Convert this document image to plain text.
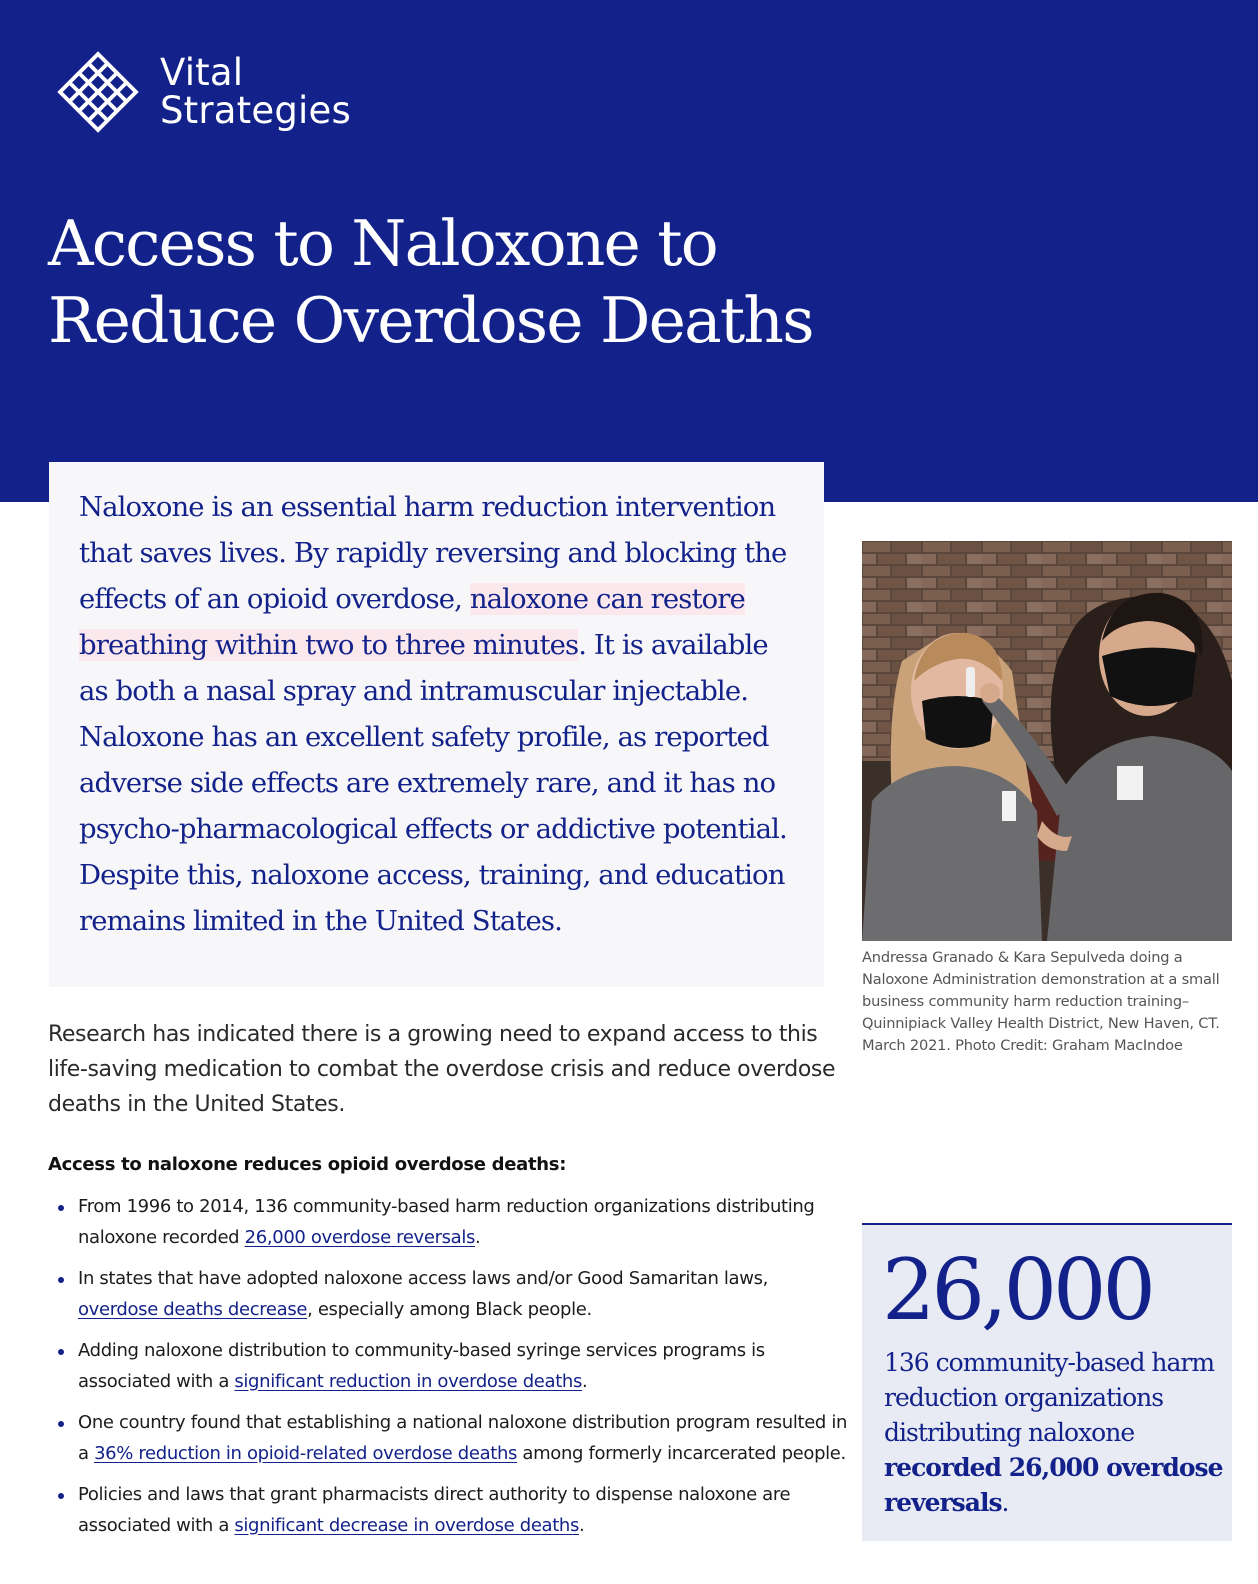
Vital
Strategies
Access to Naloxone to
Reduce Overdose Deaths

Naloxone is an essential harm reduction intervention that saves lives. By rapidly reversing and blocking the effects of an opioid overdose, naloxone can restore breathing within two to three minutes. It is available as both a nasal spray and intramuscular injectable. Naloxone has an excellent safety profile, as reported adverse side effects are extremely rare, and it has no psycho-pharmacological effects or addictive potential. Despite this, naloxone access, training, and education remains limited in the United States.

Andressa Granado & Kara Sepulveda doing a Naloxone Administration demonstration at a small business community harm reduction training– Quinnipiack Valley Health District, New Haven, CT. March 2021. Photo Credit: Graham MacIndoe

Research has indicated there is a growing need to expand access to this life-saving medication to combat the overdose crisis and reduce overdose deaths in the United States.

Access to naloxone reduces opioid overdose deaths:
From 1996 to 2014, 136 community-based harm reduction organizations distributing naloxone recorded 26,000 overdose reversals.
In states that have adopted naloxone access laws and/or Good Samaritan laws, overdose deaths decrease, especially among Black people.
Adding naloxone distribution to community-based syringe services programs is associated with a significant reduction in overdose deaths.
One country found that establishing a national naloxone distribution program resulted in a 36% reduction in opioid-related overdose deaths among formerly incarcerated people.
Policies and laws that grant pharmacists direct authority to dispense naloxone are associated with a significant decrease in overdose deaths.
26,000

136 community-based harm reduction organizations distributing naloxone recorded 26,000 overdose reversals.
